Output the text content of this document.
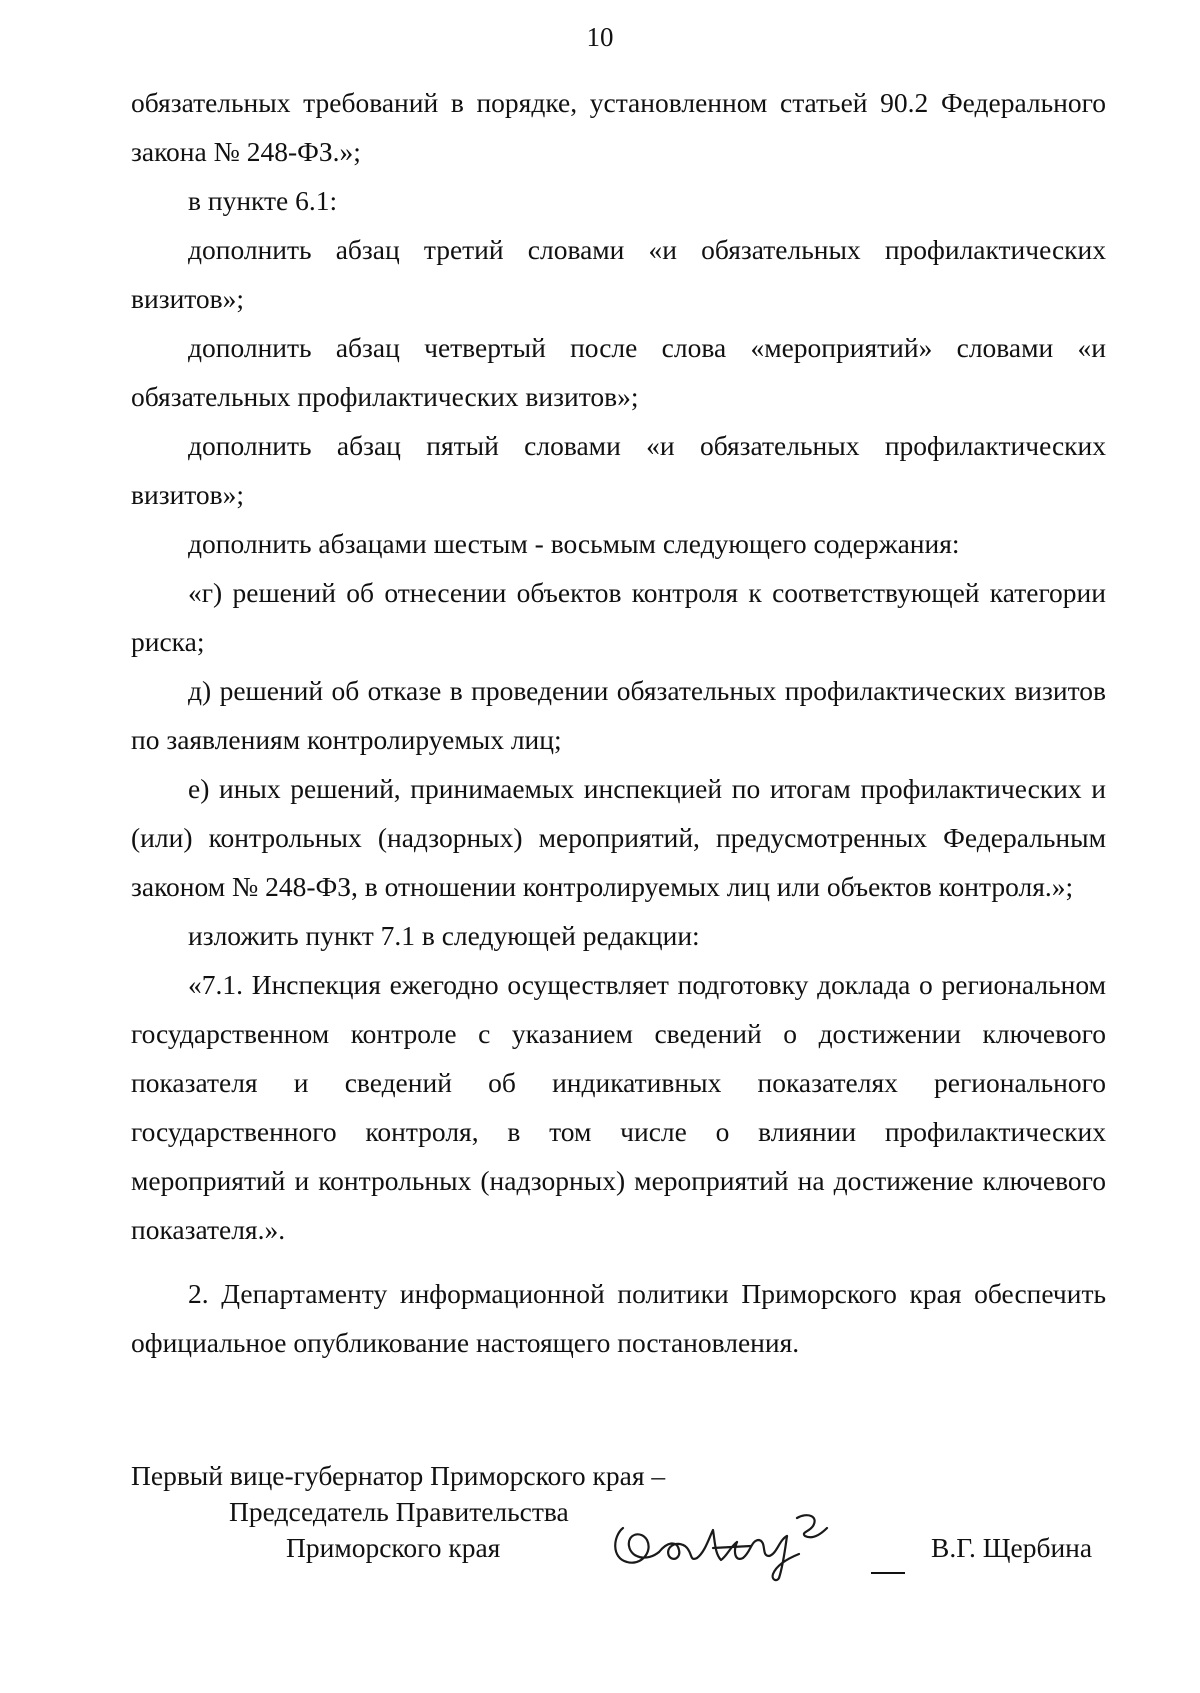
10

обязательных требований в порядке, установленном статьей 90.2 Федерального закона № 248-ФЗ.»;

в пункте 6.1:

дополнить абзац третий словами «и обязательных профилактических визитов»;

дополнить абзац четвертый после слова «мероприятий» словами «и обязательных профилактических визитов»;

дополнить абзац пятый словами «и обязательных профилактических визитов»;

дополнить абзацами шестым - восьмым следующего содержания:

«г) решений об отнесении объектов контроля к соответствующей категории риска;

д) решений об отказе в проведении обязательных профилактических визитов по заявлениям контролируемых лиц;

е) иных решений, принимаемых инспекцией по итогам профилактических и (или) контрольных (надзорных) мероприятий, предусмотренных Федеральным законом № 248-ФЗ, в отношении контролируемых лиц или объектов контроля.»;

изложить пункт 7.1 в следующей редакции:

«7.1. Инспекция ежегодно осуществляет подготовку доклада о региональном государственном контроле с указанием сведений о достижении ключевого показателя и сведений об индикативных показателях регионального государственного контроля, в том числе о влиянии профилактических мероприятий и контрольных (надзорных) мероприятий на достижение ключевого показателя.».

2. Департаменту информационной политики Приморского края обеспечить официальное опубликование настоящего постановления.

Первый вице-губернатор Приморского края –

Председатель Правительства

Приморского края	В.Г. Щербина
